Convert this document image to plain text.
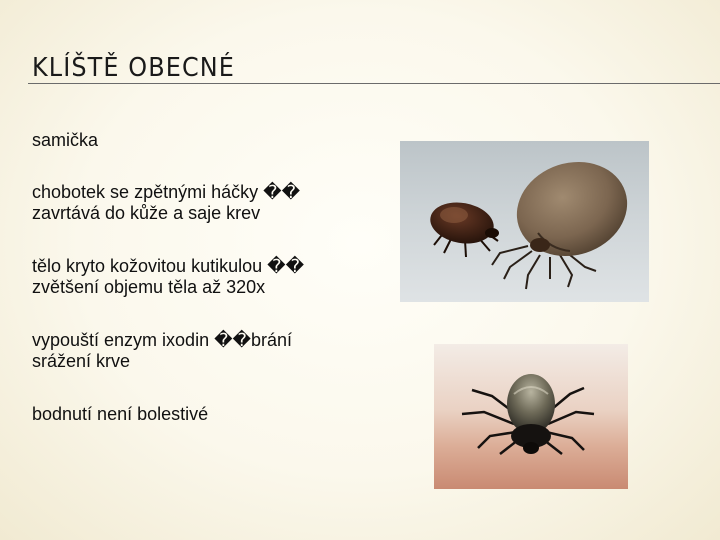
KLÍŠTĚ OBECNÉ
samička
chobotek se zpětnými háčky �� zavrtává do kůže a saje krev
tělo kryto kožovitou kutikulou �� zvětšení objemu těla až 320x
vypouští enzym ixodin ��brání srážení krve
bodnutí není bolestivé
